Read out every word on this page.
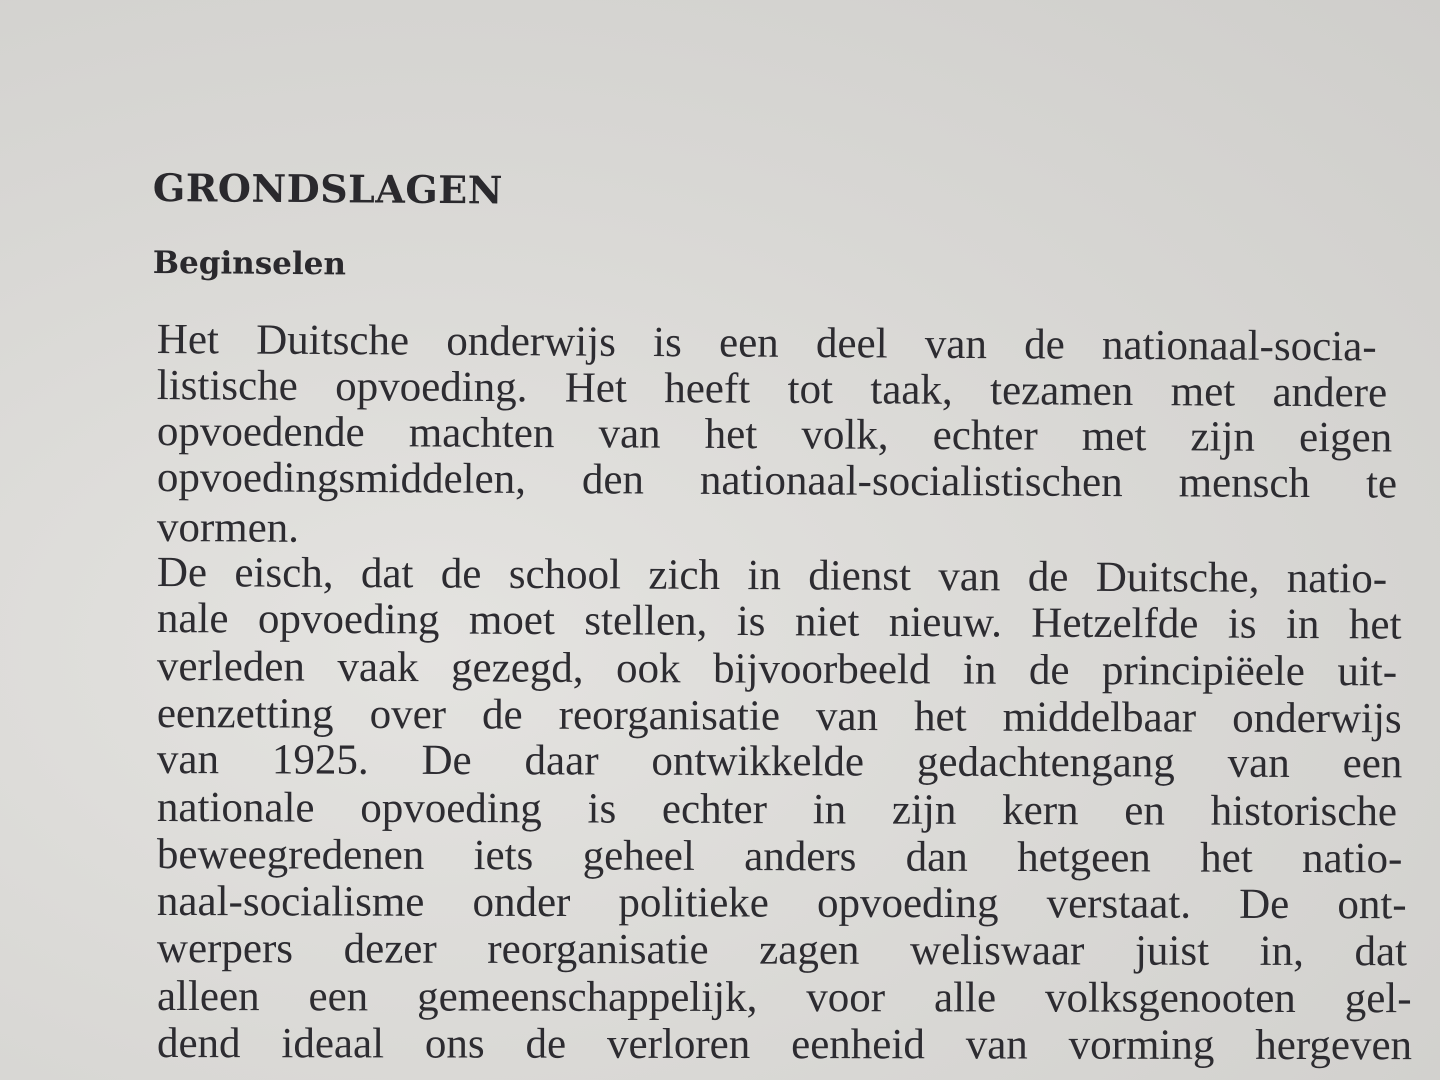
GRONDSLAGEN
Beginselen
Het Duitsche onderwijs is een deel van de nationaal-socia-
listische opvoeding. Het heeft tot taak, tezamen met andere
opvoedende machten van het volk, echter met zijn eigen
opvoedingsmiddelen, den nationaal-socialistischen mensch te
vormen.
De eisch, dat de school zich in dienst van de Duitsche, natio-
nale opvoeding moet stellen, is niet nieuw. Hetzelfde is in het
verleden vaak gezegd, ook bijvoorbeeld in de principiëele uit-
eenzetting over de reorganisatie van het middelbaar onderwijs
van 1925. De daar ontwikkelde gedachtengang van een
nationale opvoeding is echter in zijn kern en historische
beweegredenen iets geheel anders dan hetgeen het natio-
naal-socialisme onder politieke opvoeding verstaat. De ont-
werpers dezer reorganisatie zagen weliswaar juist in, dat
alleen een gemeenschappelijk, voor alle volksgenooten gel-
dend ideaal ons de verloren eenheid van vorming hergeven
